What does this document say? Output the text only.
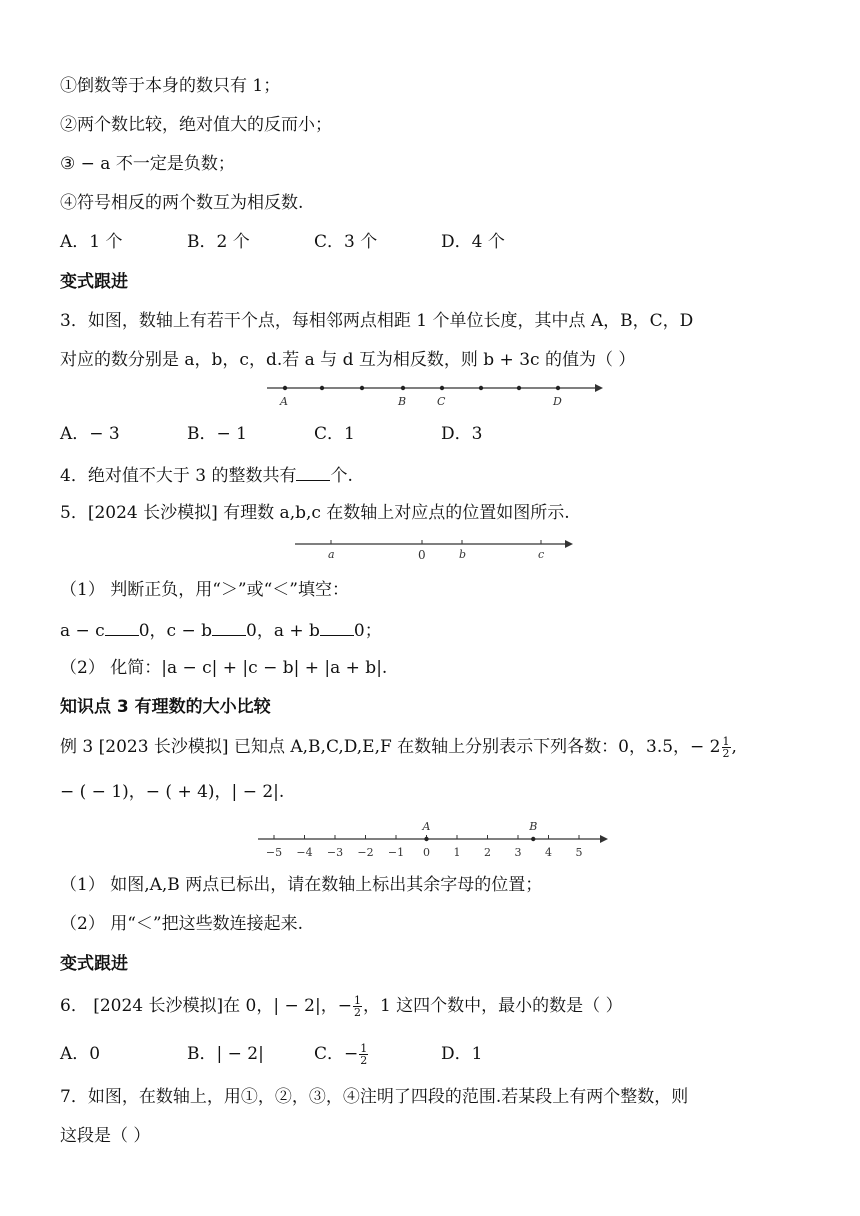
①倒数等于本身的数只有 1；
②两个数比较，绝对值大的反而小；
③ − a 不一定是负数；
④符号相反的两个数互为相反数.
A．1 个	B．2 个	C．3 个	D．4 个
变式跟进
3．如图，数轴上有若干个点，每相邻两点相距 1 个单位长度，其中点 A，B，C，D
对应的数分别是 a，b，c，d.若 a 与 d 互为相反数，则 b + 3c 的值为（ ）
A	B	C	D
A．− 3	B．− 1	C．1	D．3
4．绝对值不大于 3 的整数共有 个.
5．[2024 长沙模拟] 有理数 a,b,c 在数轴上对应点的位置如图所示.
a	0	b	c
（1） 判断正负，用“＞”或“＜”填空：
a − c 0，c − b 0，a + b 0；
（2） 化简：|a − c| + |c − b| + |a + b|.
知识点 3 有理数的大小比较
例 3 [2023 长沙模拟] 已知点 A,B,C,D,E,F 在数轴上分别表示下列各数：0，3.5，− $2 \frac{1}{2}$ ,
− ( − 1)，− ( + 4)，| − 2|.
−5 −4 −3 −2 −1 0 1 2 3 4 5
A	B
（1） 如图,A,B 两点已标出，请在数轴上标出其余字母的位置；
（2） 用“＜”把这些数连接起来.
变式跟进
6． [2024 长沙模拟]在 0，| − 2|，− $\frac{1}{2}$ ，1 这四个数中，最小的数是（ ）
A．0	B．| − 2|	C．− $\frac{1}{2}$	D．1
7．如图，在数轴上，用①，②，③，④注明了四段的范围.若某段上有两个整数，则
这段是（ ）
